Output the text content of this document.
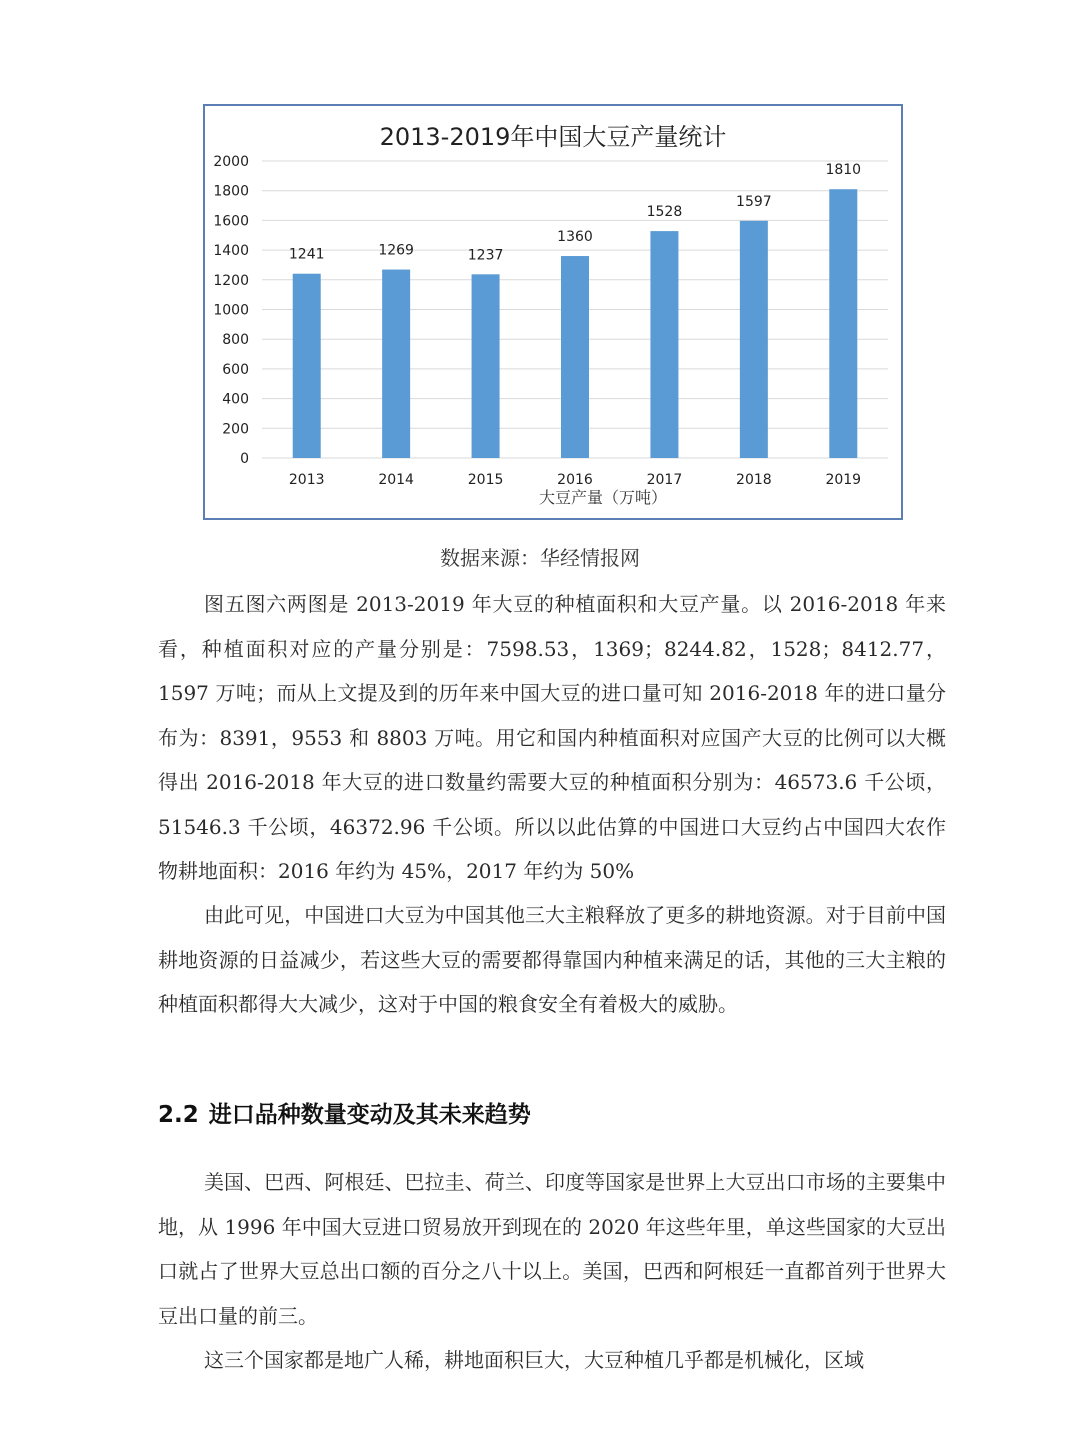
2013-2019年中国大豆产量统计
0
200
400
600
800
1000
1200
1400
1600
1800
2000
1241	1269	1237
1360
1528
1597
1810
2013	2014	2015	2016	2017	2018	2019
大豆产量（万吨）
数据来源：华经情报网

图五图六两图是 2013-2019 年大豆的种植面积和大豆产量。以 2016-2018 年来看，种植面积对应的产量分别是：7598.53，1369；8244.82，1528；8412.77，1597 万吨；而从上文提及到的历年来中国大豆的进口量可知 2016-2018 年的进口量分布为：8391，9553 和 8803 万吨。用它和国内种植面积对应国产大豆的比例可以大概得出 2016-2018 年大豆的进口数量约需要大豆的种植面积分别为：46573.6 千公顷，51546.3 千公顷，46372.96 千公顷。所以以此估算的中国进口大豆约占中国四大农作物耕地面积：2016 年约为 45%，2017 年约为 50%

由此可见，中国进口大豆为中国其他三大主粮释放了更多的耕地资源。对于目前中国耕地资源的日益减少，若这些大豆的需要都得靠国内种植来满足的话，其他的三大主粮的种植面积都得大大减少，这对于中国的粮食安全有着极大的威胁。

2.2 进口品种数量变动及其未来趋势

美国、巴西、阿根廷、巴拉圭、荷兰、印度等国家是世界上大豆出口市场的主要集中地，从 1996 年中国大豆进口贸易放开到现在的 2020 年这些年里，单这些国家的大豆出口就占了世界大豆总出口额的百分之八十以上。美国，巴西和阿根廷一直都首列于世界大豆出口量的前三。

这三个国家都是地广人稀，耕地面积巨大，大豆种植几乎都是机械化，区域
